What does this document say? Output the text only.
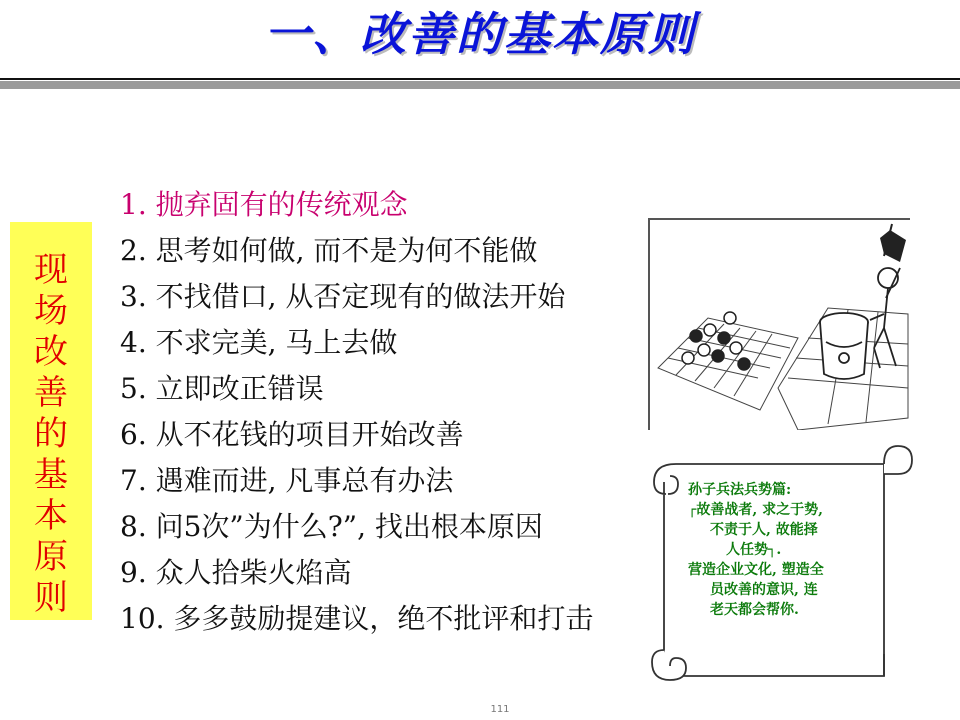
一、改善的基本原则
现
场
改
善
的
基
本
原
则
1. 抛弃固有的传统观念
2. 思考如何做, 而不是为何不能做
3. 不找借口, 从否定现有的做法开始
4. 不求完美, 马上去做
5. 立即改正错误
6. 从不花钱的项目开始改善
7. 遇难而进, 凡事总有办法
8. 问5次”为什么?”, 找出根本原因
9. 众人拾柴火焰高
10. 多多鼓励提建议，绝不批评和打击
孙子兵法兵势篇:
┌故善战者, 求之于势,
不责于人, 故能择
人任势┐.
营造企业文化, 塑造全
员改善的意识, 连
老天都会帮你.
111
